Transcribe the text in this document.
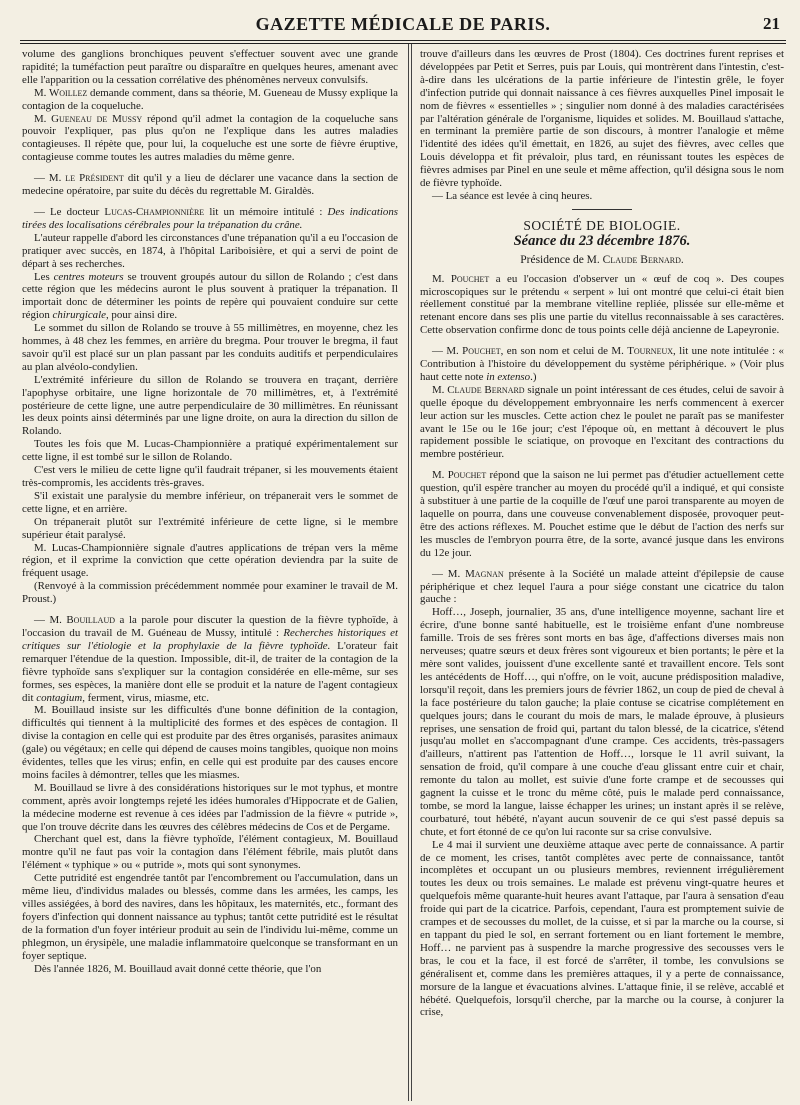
GAZETTE MÉDICALE DE PARIS.	21

volume des ganglions bronchiques peuvent s'effectuer souvent avec une grande rapidité; la tuméfaction peut paraître ou disparaître en quelques heures, amenant avec elle l'apparition ou la cessation corrélative des phénomènes nerveux convulsifs.

M. Woillez demande comment, dans sa théorie, M. Gueneau de Mussy explique la contagion de la coqueluche.

M. Gueneau de Mussy répond qu'il admet la contagion de la coqueluche sans pouvoir l'expliquer, pas plus qu'on ne l'explique dans les autres maladies contagieuses. Il répète que, pour lui, la coqueluche est une sorte de fièvre éruptive, contagieuse comme toutes les autres maladies du même genre.

— M. le Président dit qu'il y a lieu de déclarer une vacance dans la section de medecine opératoire, par suite du décès du regrettable M. Giraldès.

— Le docteur Lucas-Championnière lit un mémoire intitulé : Des indications tirées des localisations cérébrales pour la trépanation du crâne.

L'auteur rappelle d'abord les circonstances d'une trépanation qu'il a eu l'occasion de pratiquer avec succès, en 1874, à l'hôpital Lariboisière, et qui a servi de point de départ à ses recherches.

Les centres moteurs se trouvent groupés autour du sillon de Rolando ; c'est dans cette région que les médecins auront le plus souvent à pratiquer la trépanation. Il importait donc de déterminer les points de repère qui pouvaient conduire sur cette région chirurgicale, pour ainsi dire.

Le sommet du sillon de Rolando se trouve à 55 millimètres, en moyenne, chez les hommes, à 48 chez les femmes, en arrière du bregma. Pour trouver le bregma, il faut savoir qu'il est placé sur un plan passant par les conduits auditifs et perpendiculaires au plan alvéolo-condylien.

L'extrémité inférieure du sillon de Rolando se trouvera en traçant, derrière l'apophyse orbitaire, une ligne horizontale de 70 millimètres, et, à l'extrémité postérieure de cette ligne, une autre perpendiculaire de 30 millimètres. En réunissant les deux points ainsi déterminés par une ligne droite, on aura la direction du sillon de Rolando.

Toutes les fois que M. Lucas-Championnière a pratiqué expérimentalement sur cette ligne, il est tombé sur le sillon de Rolando.

C'est vers le milieu de cette ligne qu'il faudrait trépaner, si les mouvements étaient très-compromis, les accidents très-graves.

S'il existait une paralysie du membre inférieur, on trépanerait vers le sommet de cette ligne, et en arrière.

On trépanerait plutôt sur l'extrémité inférieure de cette ligne, si le membre supérieur était paralysé.

M. Lucas-Championnière signale d'autres applications de trépan vers la même région, et il exprime la conviction que cette opération deviendra par la suite de fréquent usage.

(Renvoyé à la commission précédemment nommée pour examiner le travail de M. Proust.)

— M. Bouillaud a la parole pour discuter la question de la fièvre typhoïde, à l'occasion du travail de M. Guéneau de Mussy, intitulé : Recherches historiques et critiques sur l'étiologie et la prophylaxie de la fièvre typhoïde. L'orateur fait remarquer l'étendue de la question. Impossible, dit-il, de traiter de la contagion de la fièvre typhoïde sans s'expliquer sur la contagion considérée en elle-même, sur ses formes, ses espèces, la manière dont elle se produit et la nature de l'agent contagieux dit contagium, ferment, virus, miasme, etc.

M. Bouillaud insiste sur les difficultés d'une bonne définition de la contagion, difficultés qui tiennent à la multiplicité des formes et des espèces de contagion. Il divise la contagion en celle qui est produite par des êtres organisés, parasites animaux (gale) ou végétaux; en celle qui dépend de causes moins tangibles, quoique non moins évidentes, telles que les virus; enfin, en celle qui est produite par des causes encore moins faciles à démontrer, telles que les miasmes.

M. Bouillaud se livre à des considérations historiques sur le mot typhus, et montre comment, après avoir longtemps rejeté les idées humorales d'Hippocrate et de Galien, la médecine moderne est revenue à ces idées par l'admission de la fièvre « putride », que l'on trouve décrite dans les œuvres des célèbres médecins de Cos et de Pergame.

Cherchant quel est, dans la fièvre typhoïde, l'élément contagieux, M. Bouillaud montre qu'il ne faut pas voir la contagion dans l'élément fébrile, mais plutôt dans l'élément « typhique » ou « putride », mots qui sont synonymes.

Cette putridité est engendrée tantôt par l'encombrement ou l'accumulation, dans un même lieu, d'individus malades ou blessés, comme dans les armées, les camps, les villes assiégées, à bord des navires, dans les hôpitaux, les maternités, etc., formant des foyers d'infection qui donnent naissance au typhus; tantôt cette putridité est le résultat de la formation d'un foyer intérieur produit au sein de l'individu lui-même, comme un phlegmon, un érysipèle, une maladie inflammatoire quelconque se transformant en un foyer septique.

Dès l'année 1826, M. Bouillaud avait donné cette théorie, que l'on

trouve d'ailleurs dans les œuvres de Prost (1804). Ces doctrines furent reprises et développées par Petit et Serres, puis par Louis, qui montrèrent dans l'intestin, c'est-à-dire dans les ulcérations de la partie inférieure de l'intestin grêle, le foyer d'infection putride qui donnait naissance à ces fièvres auxquelles Pinel imposait le nom de fièvres « essentielles » ; singulier nom donné à des maladies caractérisées par l'altération générale de l'organisme, liquides et solides. M. Bouillaud s'attache, en terminant la première partie de son discours, à montrer l'analogie et même l'identité des idées qu'il émettait, en 1826, au sujet des fièvres, avec celles que Louis développa et fit prévaloir, plus tard, en réunissant toutes les espèces de fièvres admises par Pinel en une seule et même affection, qu'il désigna sous le nom de fièvre typhoïde.

— La séance est levée à cinq heures.

SOCIÉTÉ DE BIOLOGIE.
Séance du 23 décembre 1876.
Présidence de M. Claude Bernard.

M. Pouchet a eu l'occasion d'observer un « œuf de coq ». Des coupes microscopiques sur le prétendu « serpent » lui ont montré que celui-ci était bien réellement constitué par la membrane vitelline repliée, plissée sur elle-même et retenant encore dans ses plis une partie du vitellus reconnaissable à ses caractères. Cette observation confirme donc de tous points celle déjà ancienne de Lapeyronie.

— M. Pouchet, en son nom et celui de M. Tourneux, lit une note intitulée : « Contribution à l'histoire du développement du système périphérique. » (Voir plus haut cette note in extenso.)

M. Claude Bernard signale un point intéressant de ces études, celui de savoir à quelle époque du développement embryonnaire les nerfs commencent à exercer leur action sur les muscles. Cette action chez le poulet ne paraît pas se manifester avant le 15e ou le 16e jour; c'est l'époque où, en mettant à découvert le plus rapidement possible le sciatique, on provoque en l'excitant des contractions du membre postérieur.

M. Pouchet répond que la saison ne lui permet pas d'étudier actuellement cette question, qu'il espère trancher au moyen du procédé qu'il a indiqué, et qui consiste à substituer à une partie de la coquille de l'œuf une paroi transparente au moyen de laquelle on pourra, dans une couveuse convenablement disposée, provoquer peut-être des actions réflexes. M. Pouchet estime que le début de l'action des nerfs sur les muscles de l'embryon pourra être, de la sorte, avancé jusque dans les environs du 12e jour.

— M. Magnan présente à la Société un malade atteint d'épilepsie de cause périphérique et chez lequel l'aura a pour siége constant une cicatrice du talon gauche :

Hoff…, Joseph, journalier, 35 ans, d'une intelligence moyenne, sachant lire et écrire, d'une bonne santé habituelle, est le troisième enfant d'une nombreuse famille. Trois de ses frères sont morts en bas âge, d'affections diverses mais non nerveuses; quatre sœurs et deux frères sont vigoureux et bien portants; le père et la mère sont valides, jouissent d'une excellente santé et travaillent encore. Tels sont les antécédents de Hoff…, qui n'offre, on le voit, aucune prédisposition maladive, lorsqu'il reçoit, dans les premiers jours de février 1862, un coup de pied de cheval à la face postérieure du talon gauche; la plaie contuse se cicatrise complétement en quelques jours; dans le courant du mois de mars, le malade éprouve, à plusieurs reprises, une sensation de froid qui, partant du talon blessé, de la cicatrice, s'étend jusqu'au mollet en s'accompagnant d'une crampe. Ces accidents, très-passagers d'ailleurs, n'attirent pas l'attention de Hoff…, lorsque le 11 avril suivant, la sensation de froid, qu'il compare à une couche d'eau glissant entre cuir et chair, remonte du talon au mollet, est suivie d'une forte crampe et de secousses qui gagnent la cuisse et le tronc du même côté, puis le malade perd connaissance, tombe, se mord la langue, laisse échapper les urines; un instant après il se relève, courbaturé, tout hébété, n'ayant aucun souvenir de ce qui s'est passé depuis sa chute, et fort étonné de ce qu'on lui raconte sur sa crise convulsive.

Le 4 mai il survient une deuxième attaque avec perte de connaissance. A partir de ce moment, les crises, tantôt complètes avec perte de connaissance, tantôt incomplètes et occupant un ou plusieurs membres, reviennent irrégulièrement toutes les deux ou trois semaines. Le malade est prévenu vingt-quatre heures et quelquefois même quarante-huit heures avant l'attaque, par l'aura à sensation d'eau froide qui part de la cicatrice. Parfois, cependant, l'aura est promptement suivie de crampes et de secousses du mollet, de la cuisse, et si par la marche ou la course, si en tappant du pied le sol, en serrant fortement ou en liant fortement le membre, Hoff… ne parvient pas à suspendre la marche progressive des secousses vers le bras, le cou et la face, il est forcé de s'arrêter, il tombe, les convulsions se généralisent et, comme dans les premières attaques, il y a perte de connaissance, morsure de la langue et évacuations alvines. L'attaque finie, il se relève, accablé et hébété. Quelquefois, lorsqu'il cherche, par la marche ou la course, à conjurer la crise,
